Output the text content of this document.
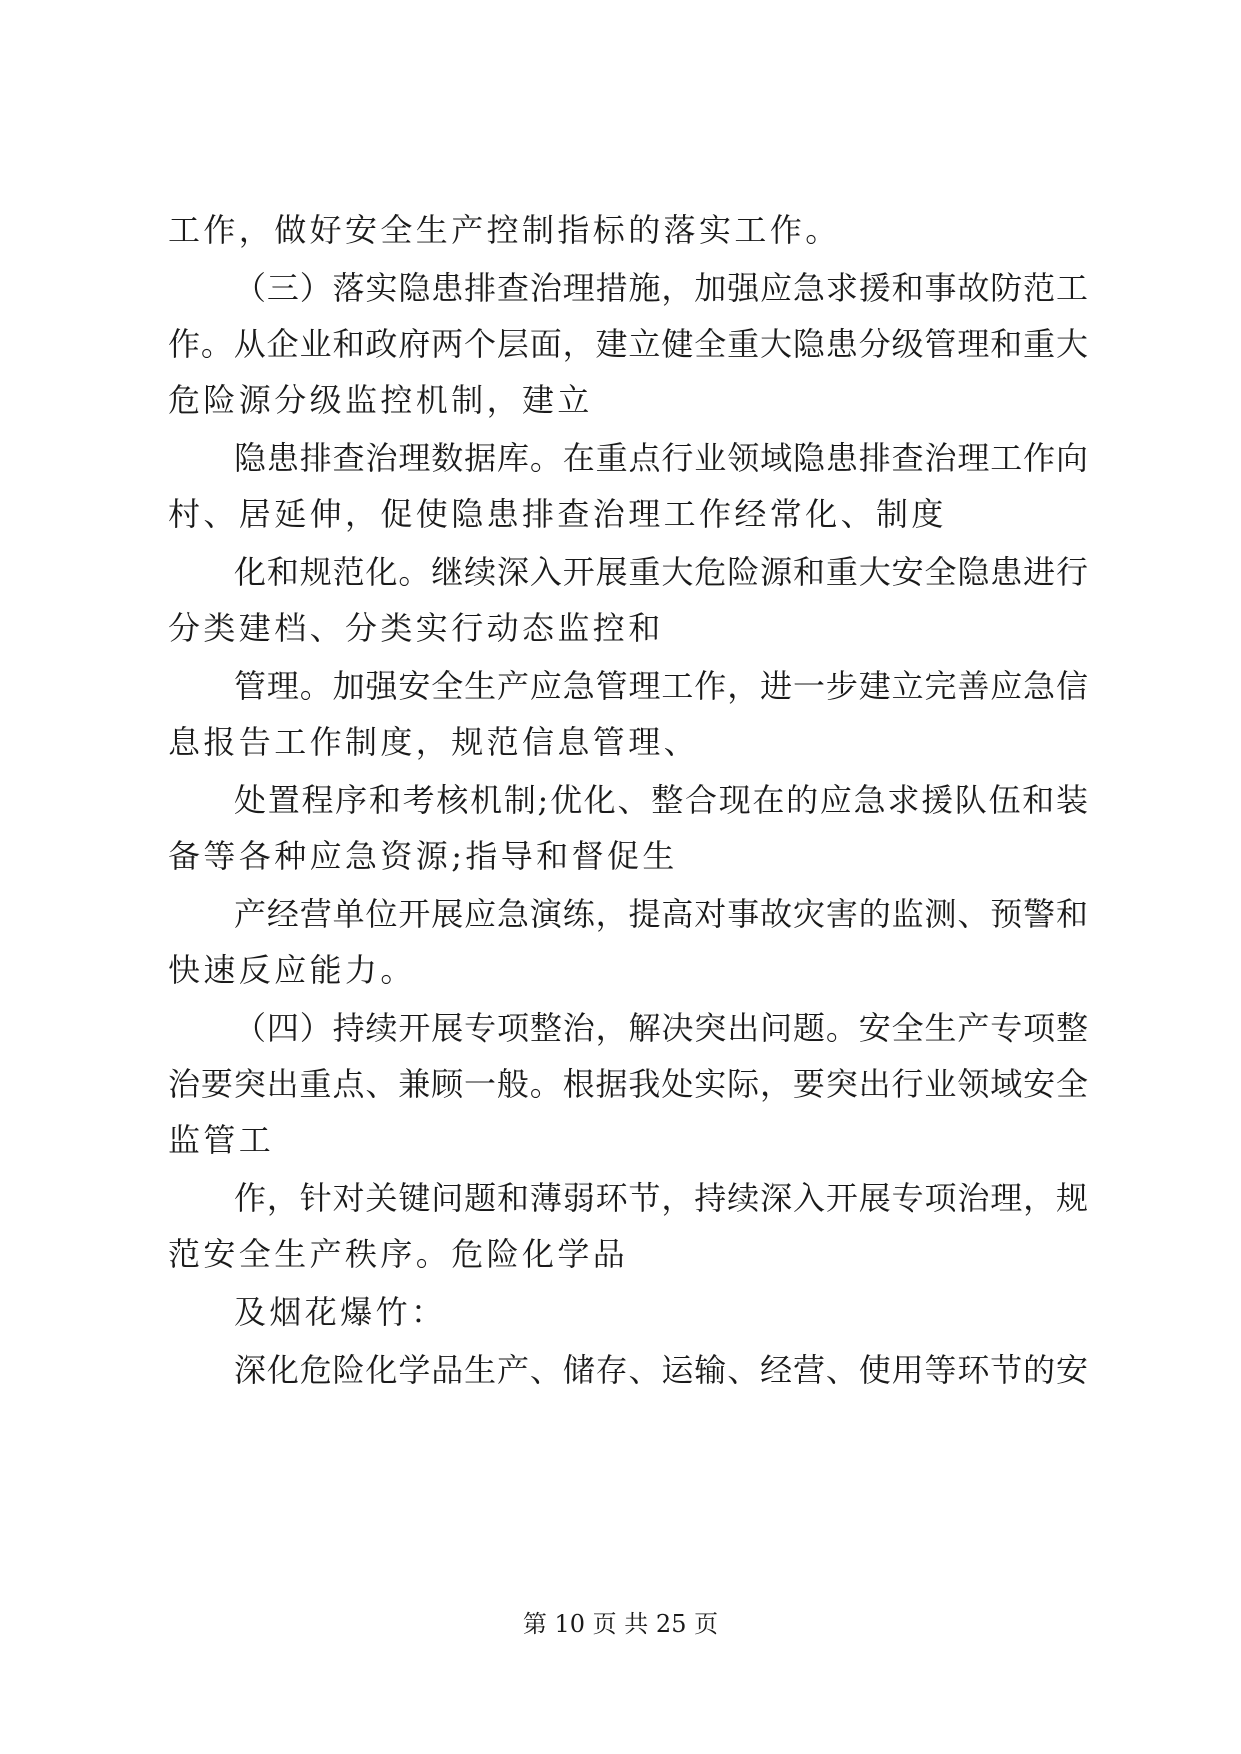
工作，做好安全生产控制指标的落实工作。
（三）落实隐患排查治理措施，加强应急求援和事故防范工
作。从企业和政府两个层面，建立健全重大隐患分级管理和重大
危险源分级监控机制，建立
隐患排查治理数据库。在重点行业领域隐患排查治理工作向
村、居延伸，促使隐患排查治理工作经常化、制度
化和规范化。继续深入开展重大危险源和重大安全隐患进行
分类建档、分类实行动态监控和
管理。加强安全生产应急管理工作，进一步建立完善应急信
息报告工作制度，规范信息管理、
处置程序和考核机制;优化、整合现在的应急求援队伍和装
备等各种应急资源;指导和督促生
产经营单位开展应急演练，提高对事故灾害的监测、预警和
快速反应能力。
（四）持续开展专项整治，解决突出问题。安全生产专项整
治要突出重点、兼顾一般。根据我处实际，要突出行业领域安全
监管工
作，针对关键问题和薄弱环节，持续深入开展专项治理，规
范安全生产秩序。危险化学品
及烟花爆竹：
深化危险化学品生产、储存、运输、经营、使用等环节的安
第 10 页 共 25 页
